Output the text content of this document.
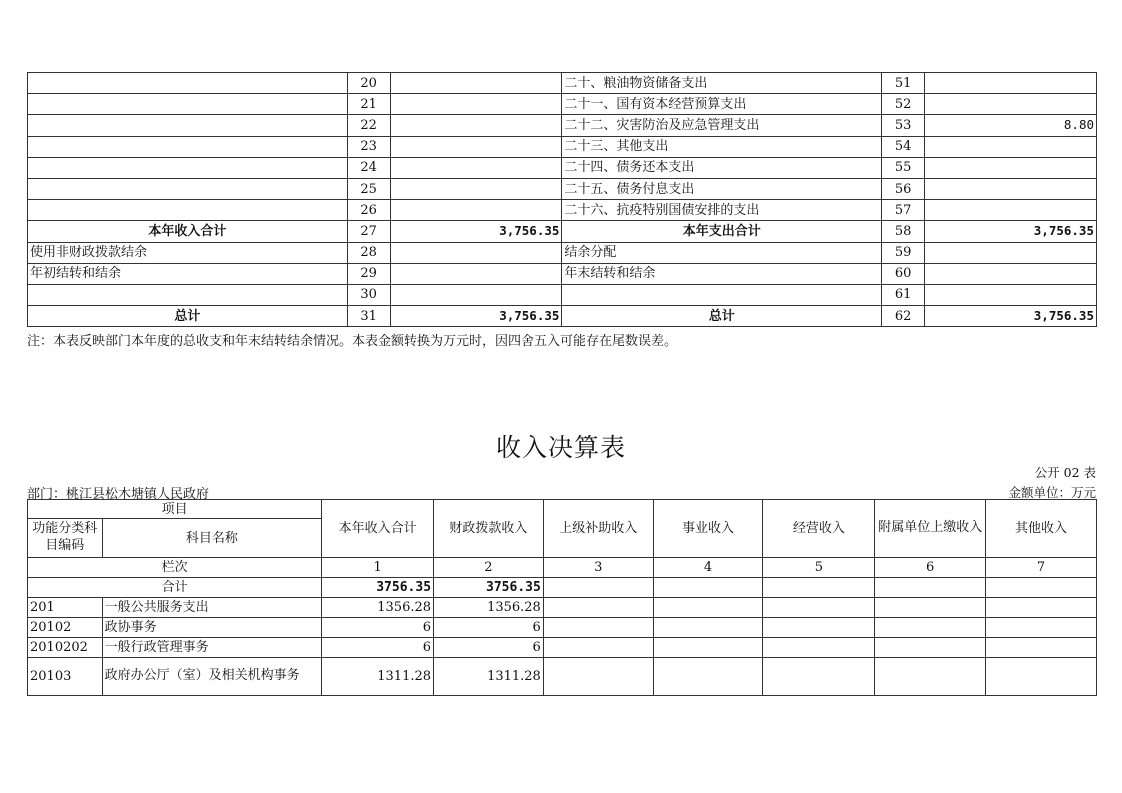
	20		二十、粮油物资储备支出	51	
	21		二十一、国有资本经营预算支出	52	
	22		二十二、灾害防治及应急管理支出	53	8.80
	23		二十三、其他支出	54	
	24		二十四、债务还本支出	55	
	25		二十五、债务付息支出	56	
	26		二十六、抗疫特别国债安排的支出	57	
本年收入合计	27	3,756.35	本年支出合计	58	3,756.35
使用非财政拨款结余	28		结余分配	59	
年初结转和结余	29		年末结转和结余	60	
	30			61	
总计	31	3,756.35	总计	62	3,756.35
注：本表反映部门本年度的总收支和年末结转结余情况。本表金额转换为万元时，因四舍五入可能存在尾数误差。
收入决算表
公开 02 表
部门：桃江县松木塘镇人民政府	金额单位：万元
项目		本年收入合计	财政拨款收入	上级补助收入	事业收入	经营收入	附属单位上缴收入	其他收入
功能分类科目编码	科目名称							
栏次		1	2	3	4	5	6	7
合计		3756.35	3756.35					
201	一般公共服务支出	1356.28	1356.28					
20102	政协事务	6	6					
2010202	一般行政管理事务	6	6					
20103	政府办公厅（室）及相关机构事务	1311.28	1311.28					
